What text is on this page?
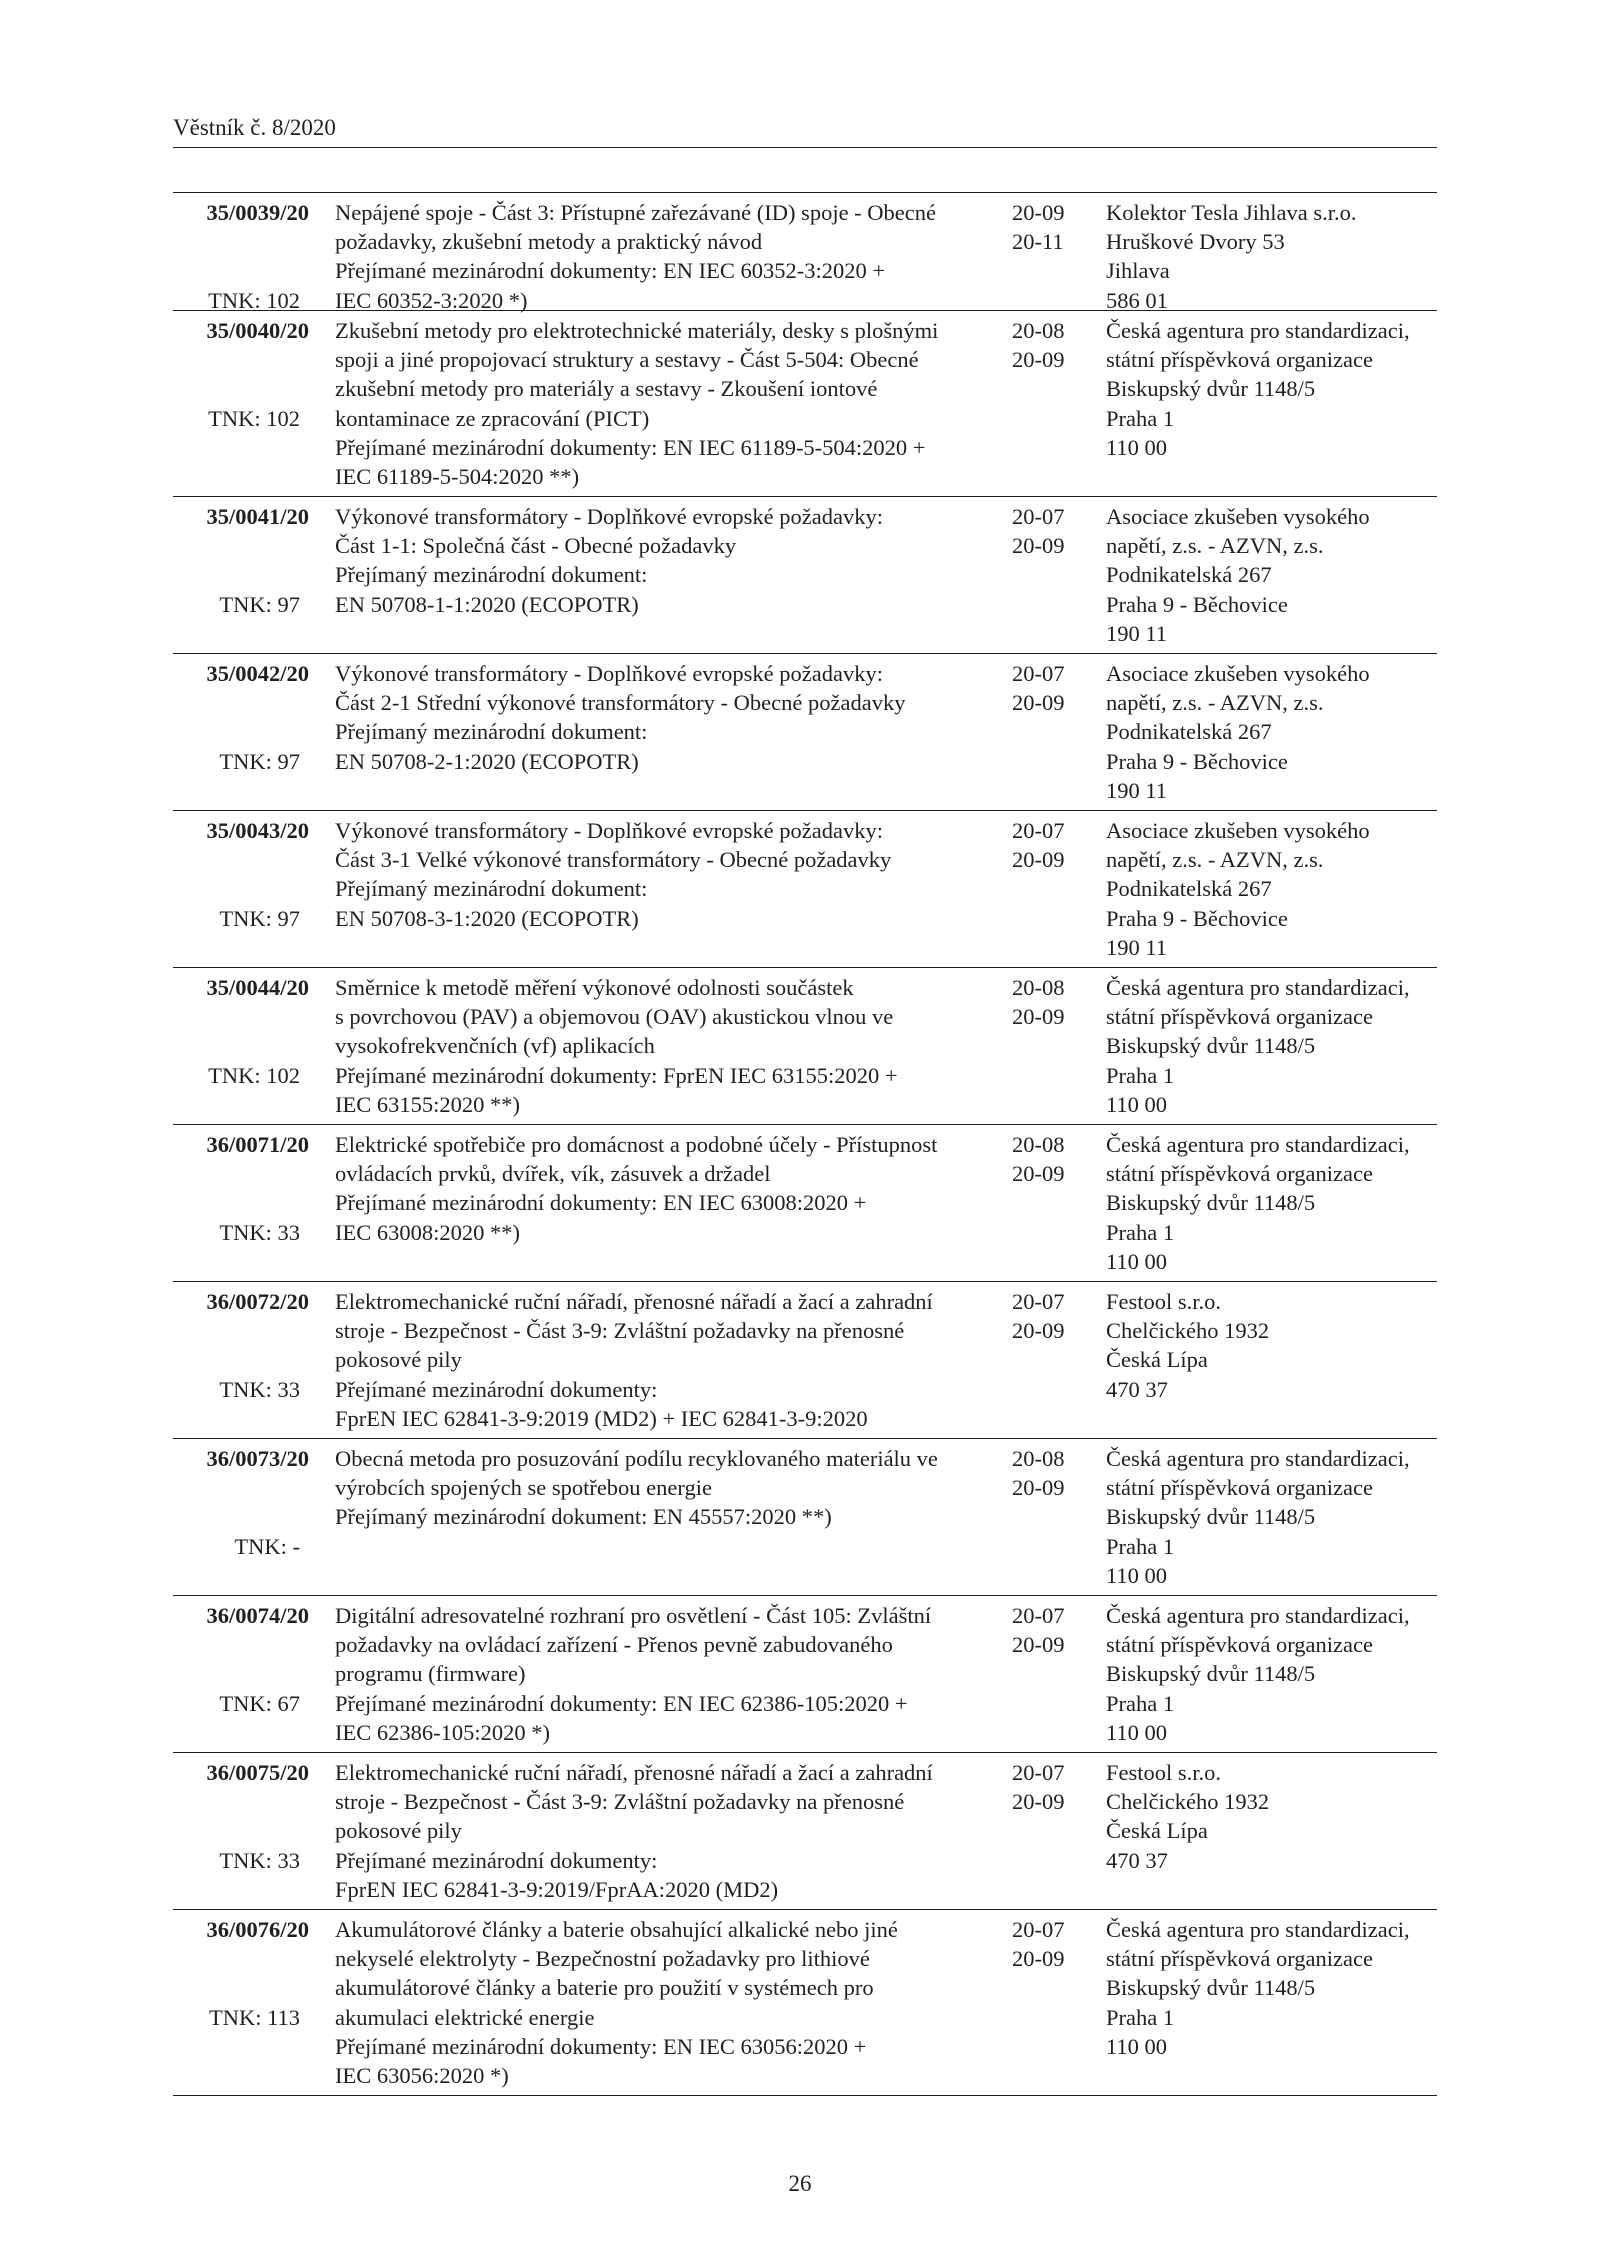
Věstník č. 8/2020
35/0039/20
TNK: 102
Nepájené spoje - Část 3: Přístupné zařezávané (ID) spoje - Obecné
požadavky, zkušební metody a praktický návod
Přejímané mezinárodní dokumenty: EN IEC 60352-3:2020 +
IEC 60352-3:2020 *)
20-09
20-11
Kolektor Tesla Jihlava s.r.o.
Hruškové Dvory 53
Jihlava
586 01
35/0040/20
TNK: 102
Zkušební metody pro elektrotechnické materiály, desky s plošnými
spoji a jiné propojovací struktury a sestavy - Část 5-504: Obecné
zkušební metody pro materiály a sestavy - Zkoušení iontové
kontaminace ze zpracování (PICT)
Přejímané mezinárodní dokumenty: EN IEC 61189-5-504:2020 +
IEC 61189-5-504:2020 **)
20-08
20-09
Česká agentura pro standardizaci,
státní příspěvková organizace
Biskupský dvůr 1148/5
Praha 1
110 00
35/0041/20
TNK: 97
Výkonové transformátory - Doplňkové evropské požadavky:
Část 1-1: Společná část - Obecné požadavky
Přejímaný mezinárodní dokument:
EN 50708-1-1:2020 (ECOPOTR)
20-07
20-09
Asociace zkušeben vysokého
napětí, z.s. - AZVN, z.s.
Podnikatelská 267
Praha 9 - Běchovice
190 11
35/0042/20
TNK: 97
Výkonové transformátory - Doplňkové evropské požadavky:
Část 2-1 Střední výkonové transformátory - Obecné požadavky
Přejímaný mezinárodní dokument:
EN 50708-2-1:2020 (ECOPOTR)
20-07
20-09
Asociace zkušeben vysokého
napětí, z.s. - AZVN, z.s.
Podnikatelská 267
Praha 9 - Běchovice
190 11
35/0043/20
TNK: 97
Výkonové transformátory - Doplňkové evropské požadavky:
Část 3-1 Velké výkonové transformátory - Obecné požadavky
Přejímaný mezinárodní dokument:
EN 50708-3-1:2020 (ECOPOTR)
20-07
20-09
Asociace zkušeben vysokého
napětí, z.s. - AZVN, z.s.
Podnikatelská 267
Praha 9 - Běchovice
190 11
35/0044/20
TNK: 102
Směrnice k metodě měření výkonové odolnosti součástek
s povrchovou (PAV) a objemovou (OAV) akustickou vlnou ve
vysokofrekvenčních (vf) aplikacích
Přejímané mezinárodní dokumenty: FprEN IEC 63155:2020 +
IEC 63155:2020 **)
20-08
20-09
Česká agentura pro standardizaci,
státní příspěvková organizace
Biskupský dvůr 1148/5
Praha 1
110 00
36/0071/20
TNK: 33
Elektrické spotřebiče pro domácnost a podobné účely - Přístupnost
ovládacích prvků, dvířek, vík, zásuvek a držadel
Přejímané mezinárodní dokumenty: EN IEC 63008:2020 +
IEC 63008:2020 **)
20-08
20-09
Česká agentura pro standardizaci,
státní příspěvková organizace
Biskupský dvůr 1148/5
Praha 1
110 00
36/0072/20
TNK: 33
Elektromechanické ruční nářadí, přenosné nářadí a žací a zahradní
stroje - Bezpečnost - Část 3-9: Zvláštní požadavky na přenosné
pokosové pily
Přejímané mezinárodní dokumenty:
FprEN IEC 62841-3-9:2019 (MD2) + IEC 62841-3-9:2020
20-07
20-09
Festool s.r.o.
Chelčického 1932
Česká Lípa
470 37
36/0073/20
TNK: -
Obecná metoda pro posuzování podílu recyklovaného materiálu ve
výrobcích spojených se spotřebou energie
Přejímaný mezinárodní dokument: EN 45557:2020 **)
20-08
20-09
Česká agentura pro standardizaci,
státní příspěvková organizace
Biskupský dvůr 1148/5
Praha 1
110 00
36/0074/20
TNK: 67
Digitální adresovatelné rozhraní pro osvětlení - Část 105: Zvláštní
požadavky na ovládací zařízení - Přenos pevně zabudovaného
programu (firmware)
Přejímané mezinárodní dokumenty: EN IEC 62386-105:2020 +
IEC 62386-105:2020 *)
20-07
20-09
Česká agentura pro standardizaci,
státní příspěvková organizace
Biskupský dvůr 1148/5
Praha 1
110 00
36/0075/20
TNK: 33
Elektromechanické ruční nářadí, přenosné nářadí a žací a zahradní
stroje - Bezpečnost - Část 3-9: Zvláštní požadavky na přenosné
pokosové pily
Přejímané mezinárodní dokumenty:
FprEN IEC 62841-3-9:2019/FprAA:2020 (MD2)
20-07
20-09
Festool s.r.o.
Chelčického 1932
Česká Lípa
470 37
36/0076/20
TNK: 113
Akumulátorové články a baterie obsahující alkalické nebo jiné
nekyselé elektrolyty - Bezpečnostní požadavky pro lithiové
akumulátorové články a baterie pro použití v systémech pro
akumulaci elektrické energie
Přejímané mezinárodní dokumenty: EN IEC 63056:2020 +
IEC 63056:2020 *)
20-07
20-09
Česká agentura pro standardizaci,
státní příspěvková organizace
Biskupský dvůr 1148/5
Praha 1
110 00
26
